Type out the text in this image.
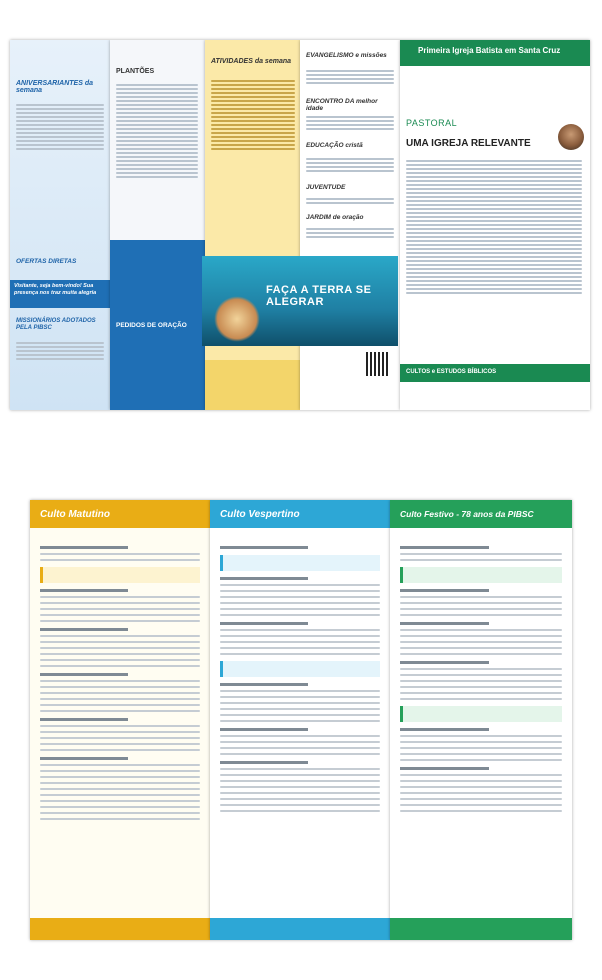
ANIVERSARIANTES da semana
OFERTAS DIRETAS
Visitante, seja bem-vindo! Sua presença nos traz muita alegria
MISSIONÁRIOS ADOTADOS PELA PIBSC
PLANTÕES
PEDIDOS DE ORAÇÃO
ATIVIDADES da semana
EVANGELISMO e missões
ENCONTRO DA melhor idade
EDUCAÇÃO cristã
JUVENTUDE
JARDIM de oração
Primeira Igreja Batista em Santa Cruz
PASTORAL
UMA IGREJA RELEVANTE
CULTOS e ESTUDOS BÍBLICOS
FAÇA A TERRA SE ALEGRAR
Culto Matutino	Culto Vespertino	Culto Festivo - 78 anos da PIBSC
